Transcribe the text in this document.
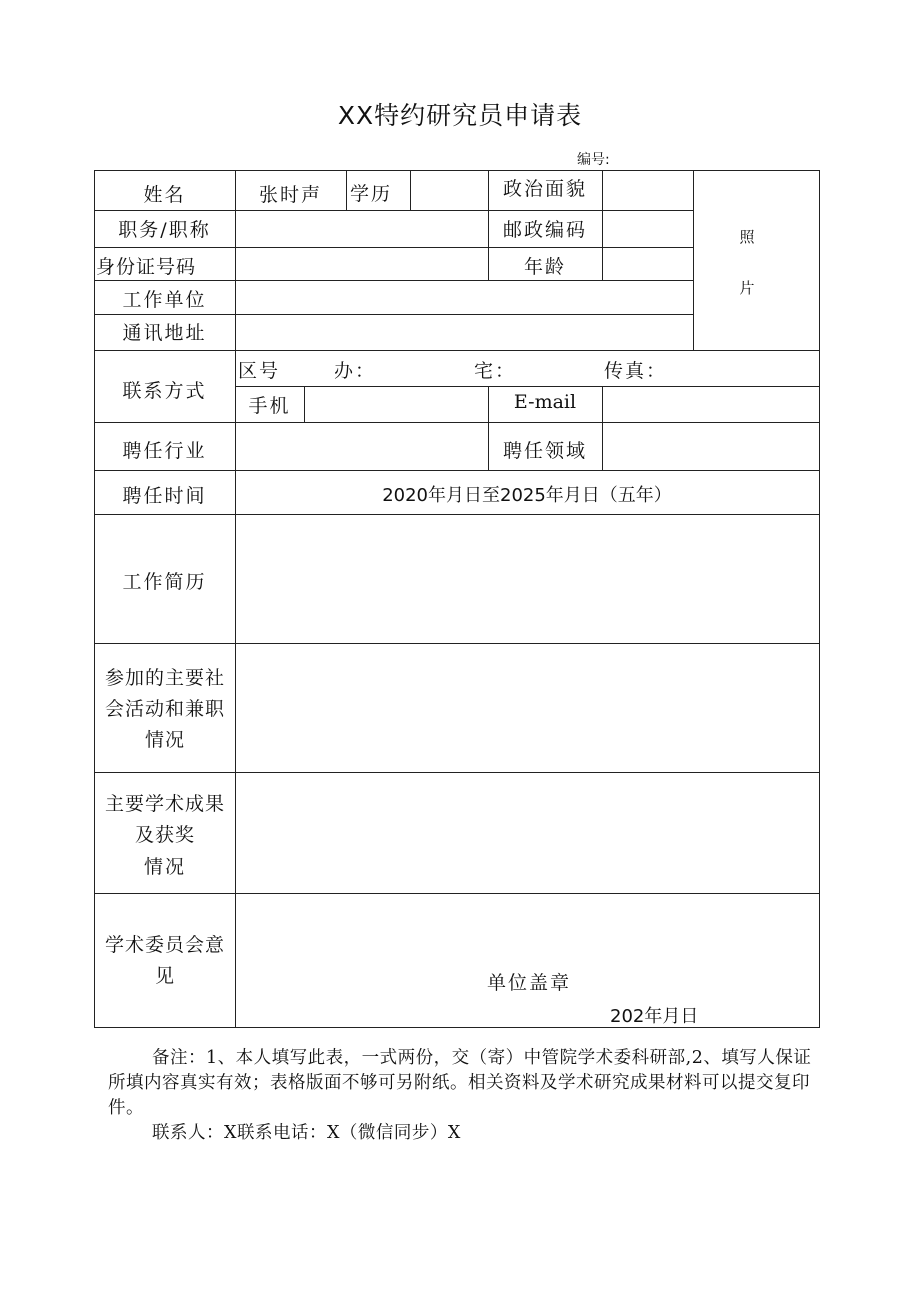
XX特约研究员申请表
编号:
姓名	张时声	学历	政治面貌
照
片
职务/职称	邮政编码
身份证号码	年龄
工作单位
通讯地址
联系方式
区号	办：	宅：	传真：
手机	E-mail
聘任行业	聘任领域
聘任时间	2020年月日至2025年月日（五年）
工作简历
参加的主要社会活动和兼职情况
主要学术成果及获奖
情况
学术委员会意见	单位盖章
202年月日

备注：1、本人填写此表，一式两份，交（寄）中管院学术委科研部,2、填写人保证所填内容真实有效；表格版面不够可另附纸。相关资料及学术研究成果材料可以提交复印件。

联系人：X联系电话：X（微信同步）X
